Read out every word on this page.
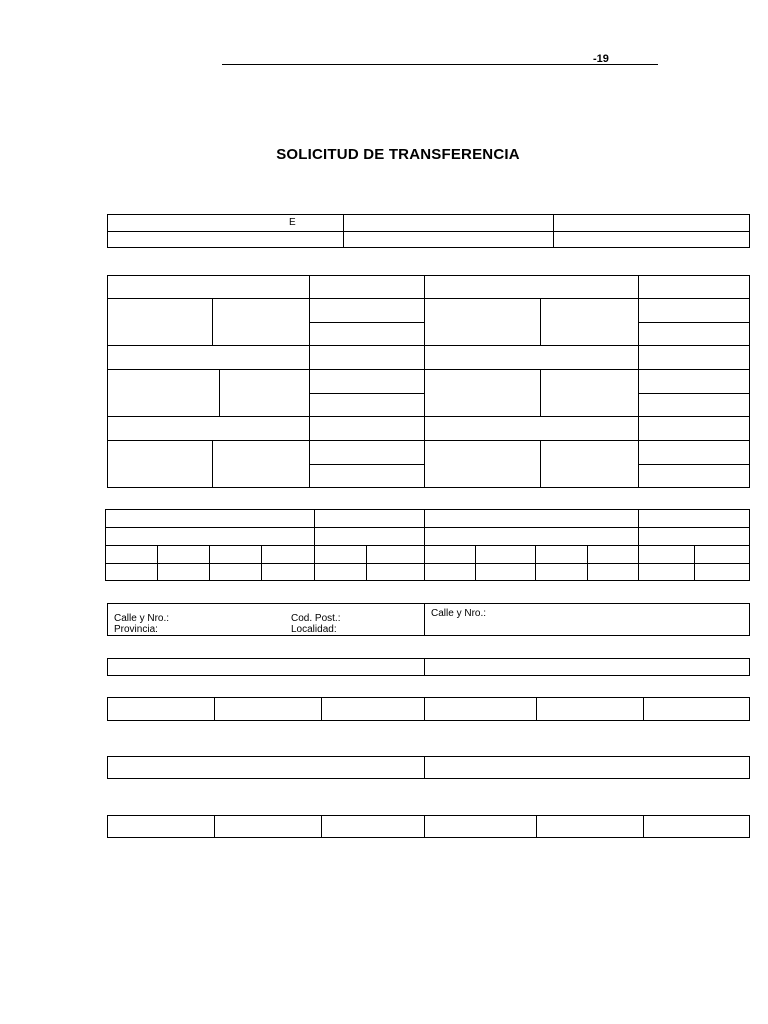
-19
SOLICITUD DE TRANSFERENCIA
E
Calle y Nro.:
Provincia:
Cod. Post.:
Localidad:
Calle y Nro.:
